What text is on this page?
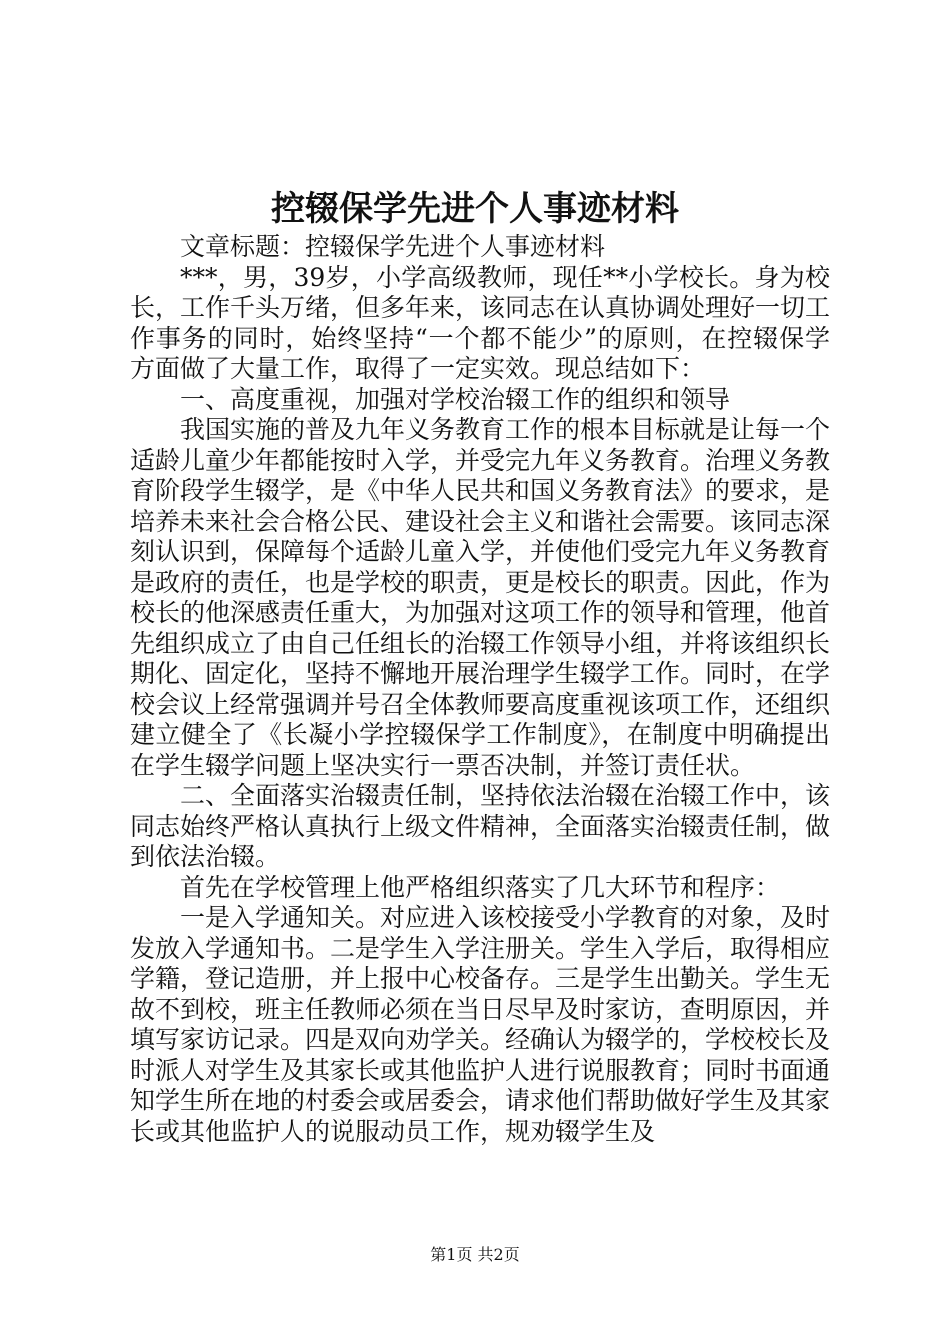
控辍保学先进个人事迹材料

文章标题：控辍保学先进个人事迹材料

***，男，39岁，小学高级教师，现任**小学校长。身为校长，工作千头万绪，但多年来，该同志在认真协调处理好一切工作事务的同时，始终坚持“一个都不能少”的原则，在控辍保学方面做了大量工作，取得了一定实效。现总结如下：

一、高度重视，加强对学校治辍工作的组织和领导

我国实施的普及九年义务教育工作的根本目标就是让每一个适龄儿童少年都能按时入学，并受完九年义务教育。治理义务教育阶段学生辍学，是《中华人民共和国义务教育法》的要求，是培养未来社会合格公民、建设社会主义和谐社会需要。该同志深刻认识到，保障每个适龄儿童入学，并使他们受完九年义务教育是政府的责任，也是学校的职责，更是校长的职责。因此，作为校长的他深感责任重大，为加强对这项工作的领导和管理，他首先组织成立了由自己任组长的治辍工作领导小组，并将该组织长期化、固定化，坚持不懈地开展治理学生辍学工作。同时，在学校会议上经常强调并号召全体教师要高度重视该项工作，还组织建立健全了《长凝小学控辍保学工作制度》，在制度中明确提出在学生辍学问题上坚决实行一票否决制，并签订责任状。

二、全面落实治辍责任制，坚持依法治辍在治辍工作中，该同志始终严格认真执行上级文件精神，全面落实治辍责任制，做到依法治辍。

首先在学校管理上他严格组织落实了几大环节和程序：

一是入学通知关。对应进入该校接受小学教育的对象，及时发放入学通知书。二是学生入学注册关。学生入学后，取得相应学籍，登记造册，并上报中心校备存。三是学生出勤关。学生无故不到校，班主任教师必须在当日尽早及时家访，查明原因，并填写家访记录。四是双向劝学关。经确认为辍学的，学校校长及时派人对学生及其家长或其他监护人进行说服教育；同时书面通知学生所在地的村委会或居委会，请求他们帮助做好学生及其家长或其他监护人的说服动员工作，规劝辍学生及

第1页 共2页
